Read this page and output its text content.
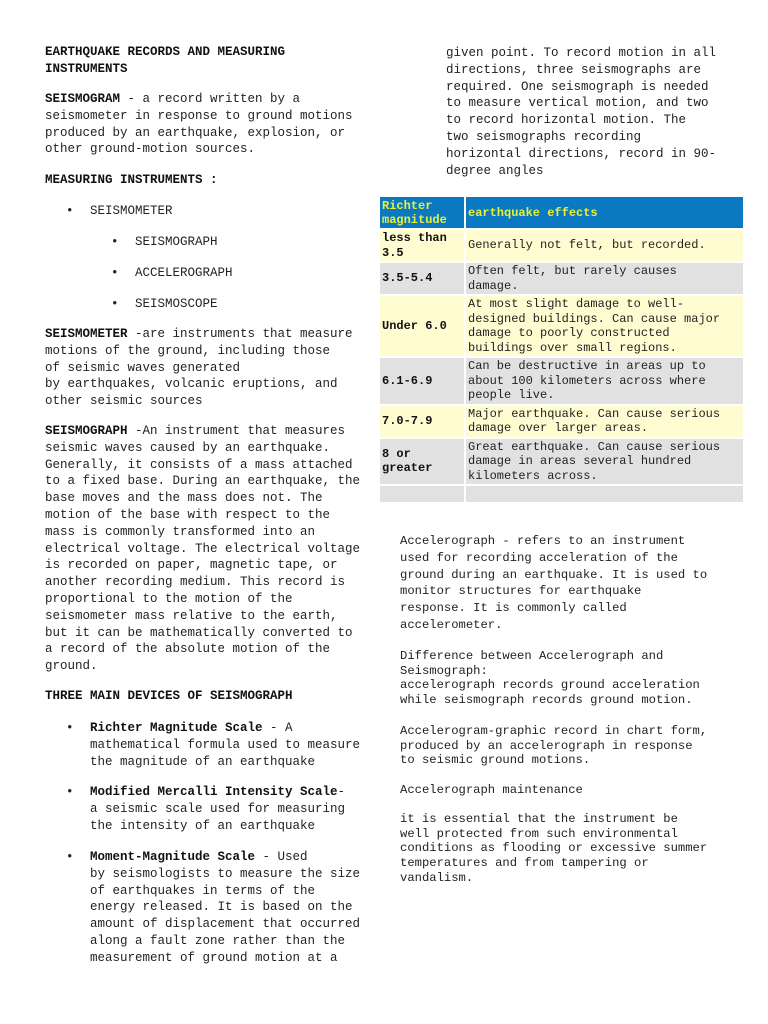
EARTHQUAKE RECORDS AND MEASURING
INSTRUMENTS

SEISMOGRAM - a record written by a
seismometer in response to ground motions
produced by an earthquake, explosion, or
other ground-motion sources.

MEASURING INSTRUMENTS :
• SEISMOMETER
• SEISMOGRAPH
• ACCELEROGRAPH
• SEISMOSCOPE

SEISMOMETER -are instruments that measure
motions of the ground, including those
of seismic waves generated
by earthquakes, volcanic eruptions, and
other seismic sources

SEISMOGRAPH -An instrument that measures
seismic waves caused by an earthquake.
Generally, it consists of a mass attached
to a fixed base. During an earthquake, the
base moves and the mass does not. The
motion of the base with respect to the
mass is commonly transformed into an
electrical voltage. The electrical voltage
is recorded on paper, magnetic tape, or
another recording medium. This record is
proportional to the motion of the
seismometer mass relative to the earth,
but it can be mathematically converted to
a record of the absolute motion of the
ground.

THREE MAIN DEVICES OF SEISMOGRAPH
• Richter Magnitude Scale - A
mathematical formula used to measure
the magnitude of an earthquake
• Modified Mercalli Intensity Scale-
a seismic scale used for measuring
the intensity of an earthquake
• Moment-Magnitude Scale - Used
by seismologists to measure the size
of earthquakes in terms of the
energy released. It is based on the
amount of displacement that occurred
along a fault zone rather than the
measurement of ground motion at a

given point. To record motion in all
directions, three seismographs are
required. One seismograph is needed
to measure vertical motion, and two
to record horizontal motion. The
two seismographs recording
horizontal directions, record in 90-
degree angles

Richter magnitude	earthquake effects
less than
3.5	Generally not felt, but recorded.
3.5-5.4	Often felt, but rarely causes
damage.
Under 6.0	At most slight damage to well-
designed buildings. Can cause major
damage to poorly constructed
buildings over small regions.
6.1-6.9	Can be destructive in areas up to
about 100 kilometers across where
people live.
7.0-7.9	Major earthquake. Can cause serious
damage over larger areas.
8 or
greater	Great earthquake. Can cause serious
damage in areas several hundred
kilometers across.

Accelerograph - refers to an instrument
used for recording acceleration of the
ground during an earthquake. It is used to
monitor structures for earthquake
response. It is commonly called
accelerometer.

Difference between Accelerograph and
Seismograph:
accelerograph records ground acceleration
while seismograph records ground motion.

Accelerogram-graphic record in chart form,
produced by an accelerograph in response
to seismic ground motions.

Accelerograph maintenance

it is essential that the instrument be
well protected from such environmental
conditions as flooding or excessive summer
temperatures and from tampering or
vandalism.
